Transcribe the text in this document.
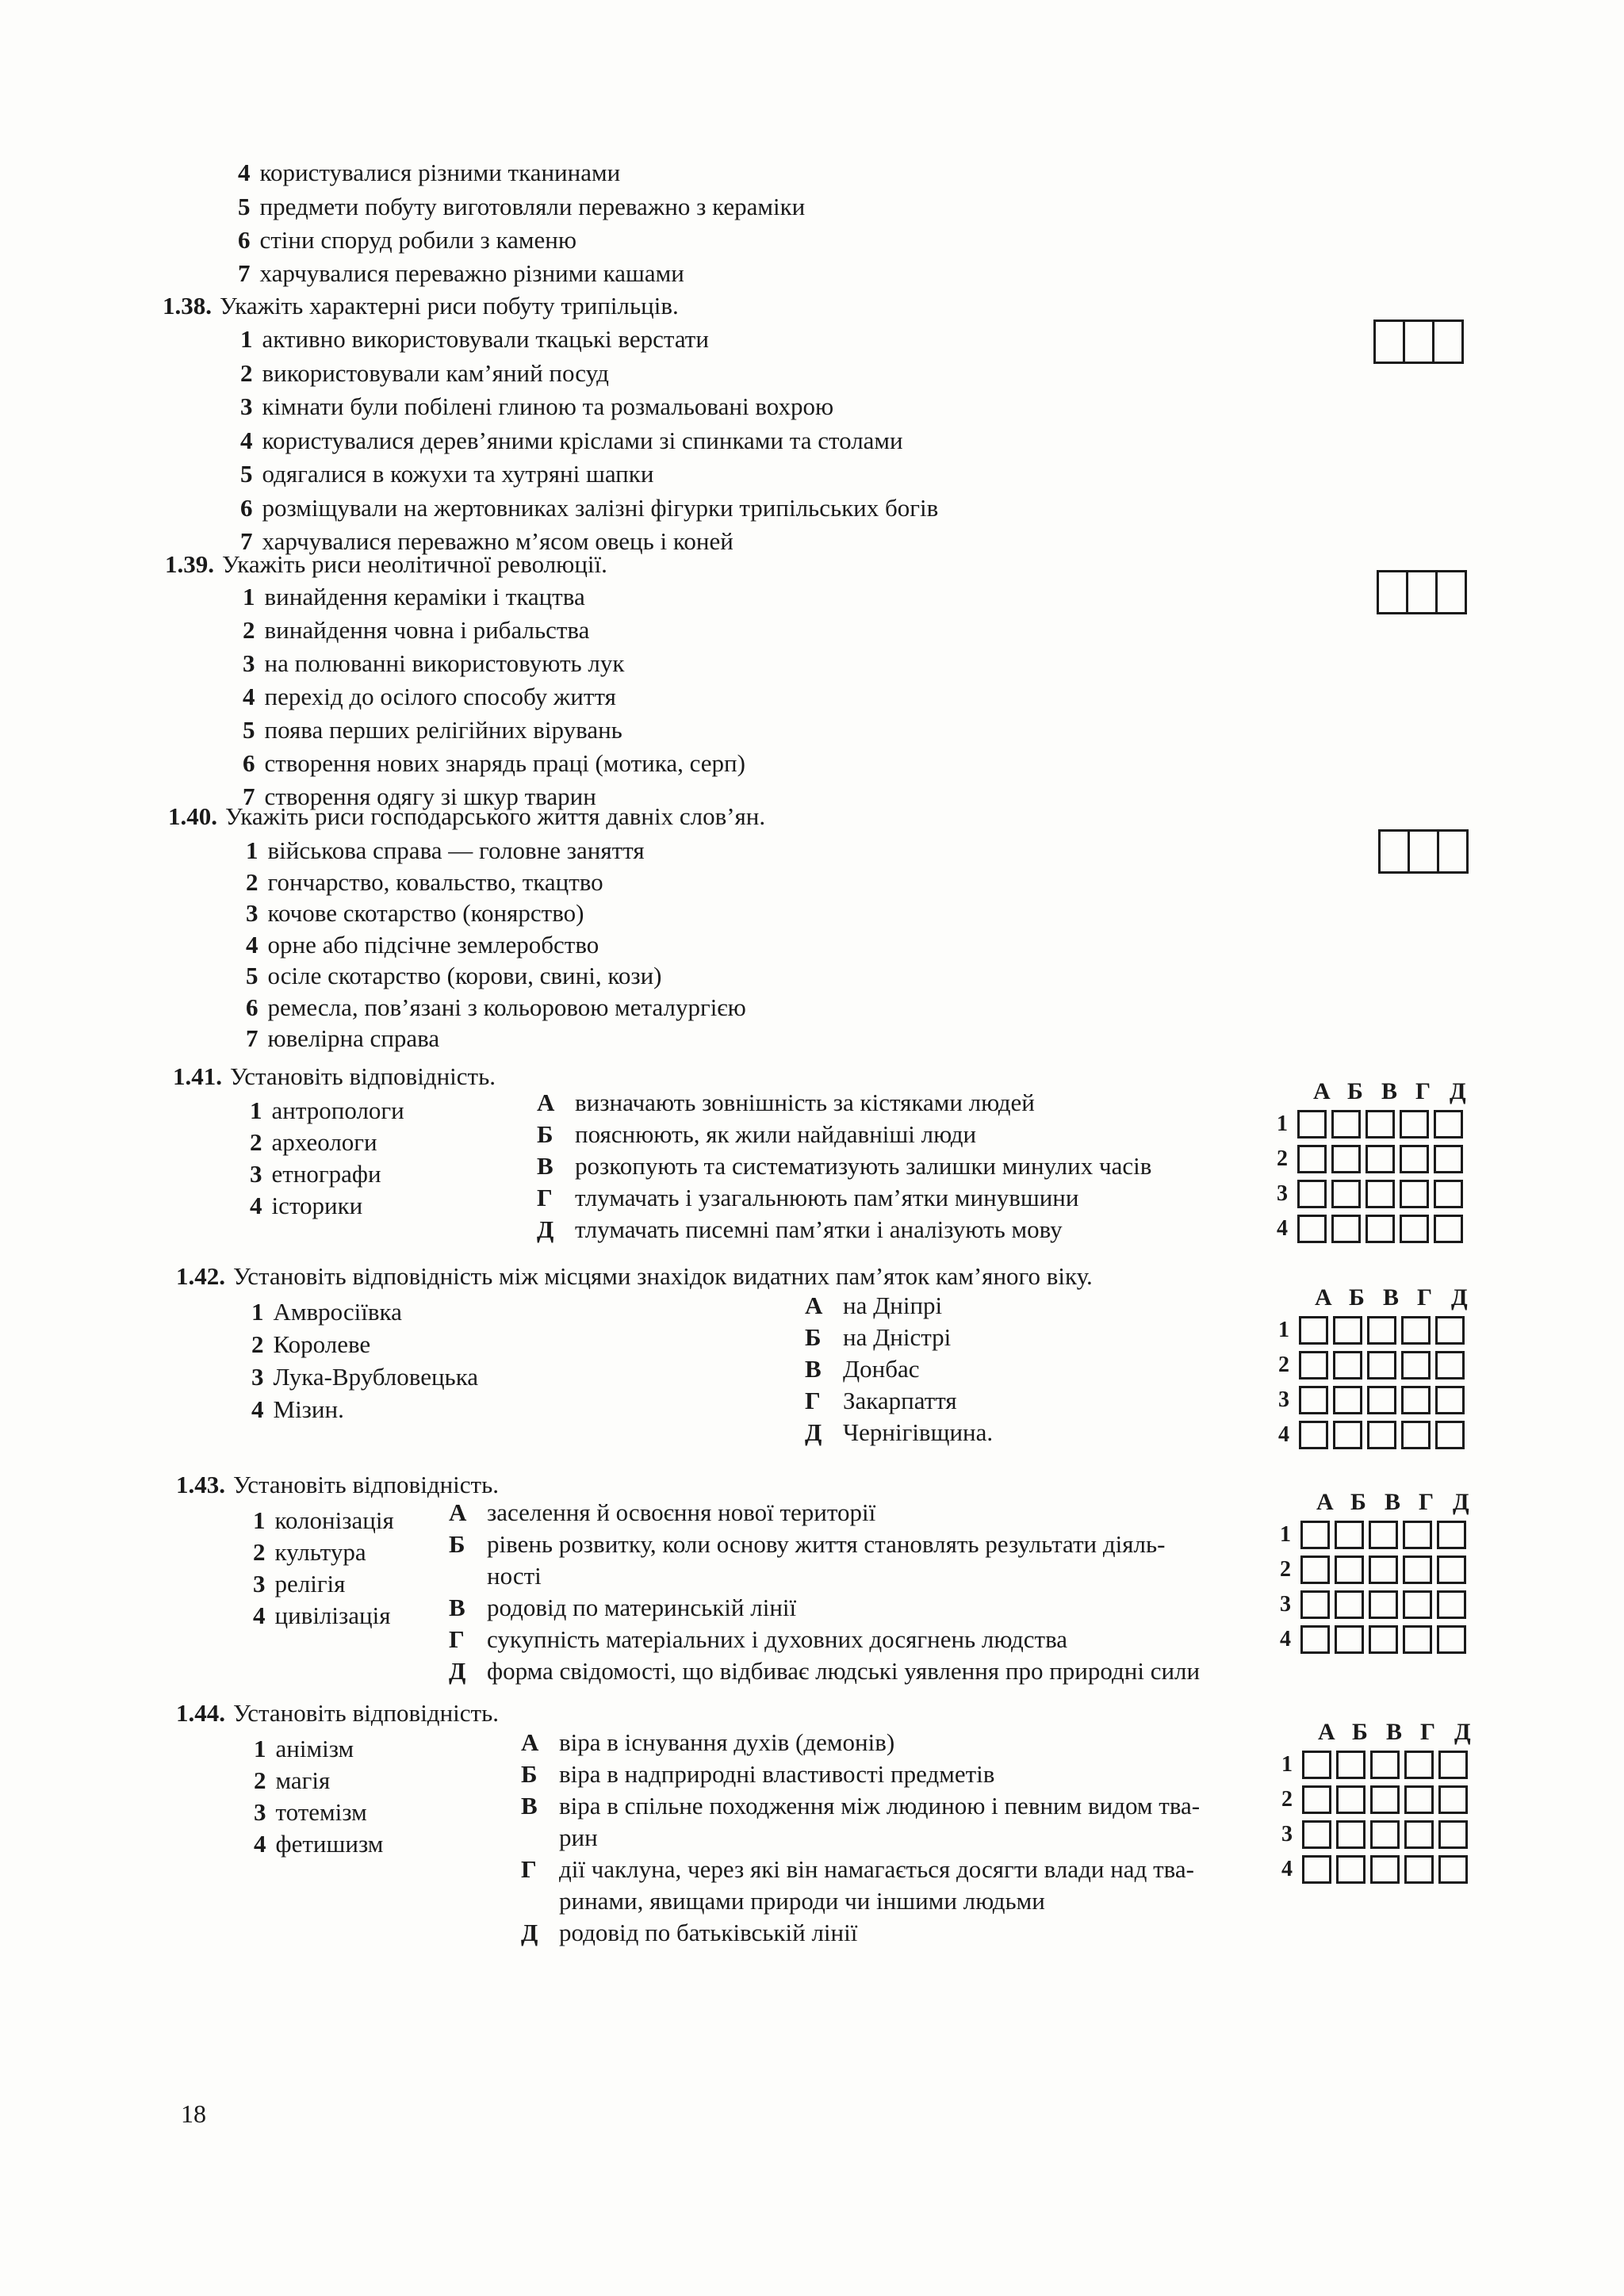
4 користувалися різними тканинами
5 предмети побуту виготовляли переважно з кераміки
6 стіни споруд робили з каменю
7 харчувалися переважно різними кашами
1.38. Укажіть характерні риси побуту трипільців.
1 активно використовували ткацькі верстати
2 використовували кам’яний посуд
3 кімнати були побілені глиною та розмальовані вохрою
4 користувалися дерев’яними кріслами зі спинками та столами
5 одягалися в кожухи та хутряні шапки
6 розміщували на жертовниках залізні фігурки трипільських богів
7 харчувалися переважно м’ясом овець і коней
1.39. Укажіть риси неолітичної революції.
1 винайдення кераміки і ткацтва
2 винайдення човна і рибальства
3 на полюванні використовують лук
4 перехід до осілого способу життя
5 поява перших релігійних вірувань
6 створення нових знарядь праці (мотика, серп)
7 створення одягу зі шкур тварин
1.40. Укажіть риси господарського життя давніх слов’ян.
1 військова справа — головне заняття
2 гончарство, ковальство, ткацтво
3 кочове скотарство (конярство)
4 орне або підсічне землеробство
5 осіле скотарство (корови, свині, кози)
6 ремесла, пов’язані з кольоровою металургією
7 ювелірна справа
1.41. Установіть відповідність.
1 антропологи
2 археологи
3 етнографи
4 історики
А визначають зовнішність за кістяками людей
Б пояснюють, як жили найдавніші люди
В розкопують та систематизують залишки минулих часів
Г тлумачать і узагальнюють пам’ятки минувшини
Д тлумачать писемні пам’ятки і аналізують мову
А Б В Г Д
1
2
3
4
1.42. Установіть відповідність між місцями знахідок видатних пам’яток кам’яного віку.
1 Амвросіївка
2 Королеве
3 Лука-Врубловецька
4 Мізин.
А на Дніпрі
Б на Дністрі
В Донбас
Г Закарпаття
Д Чернігівщина.
А Б В Г Д
1
2
3
4
1.43. Установіть відповідність.
1 колонізація
2 культура
3 релігія
4 цивілізація
А заселення й освоєння нової території
Б рівень розвитку, коли основу життя становлять результати діяль-
ності
В родовід по материнській лінії
Г сукупність матеріальних і духовних досягнень людства
Д форма свідомості, що відбиває людські уявлення про природні сили
А Б В Г Д
1
2
3
4
1.44. Установіть відповідність.
1 анімізм
2 магія
3 тотемізм
4 фетишизм
А віра в існування духів (демонів)
Б віра в надприродні властивості предметів
В віра в спільне походження між людиною і певним видом тва-
рин
Г дії чаклуна, через які він намагається досягти влади над тва-
ринами, явищами природи чи іншими людьми
Д родовід по батьківській лінії
А Б В Г Д
1
2
3
4
18
